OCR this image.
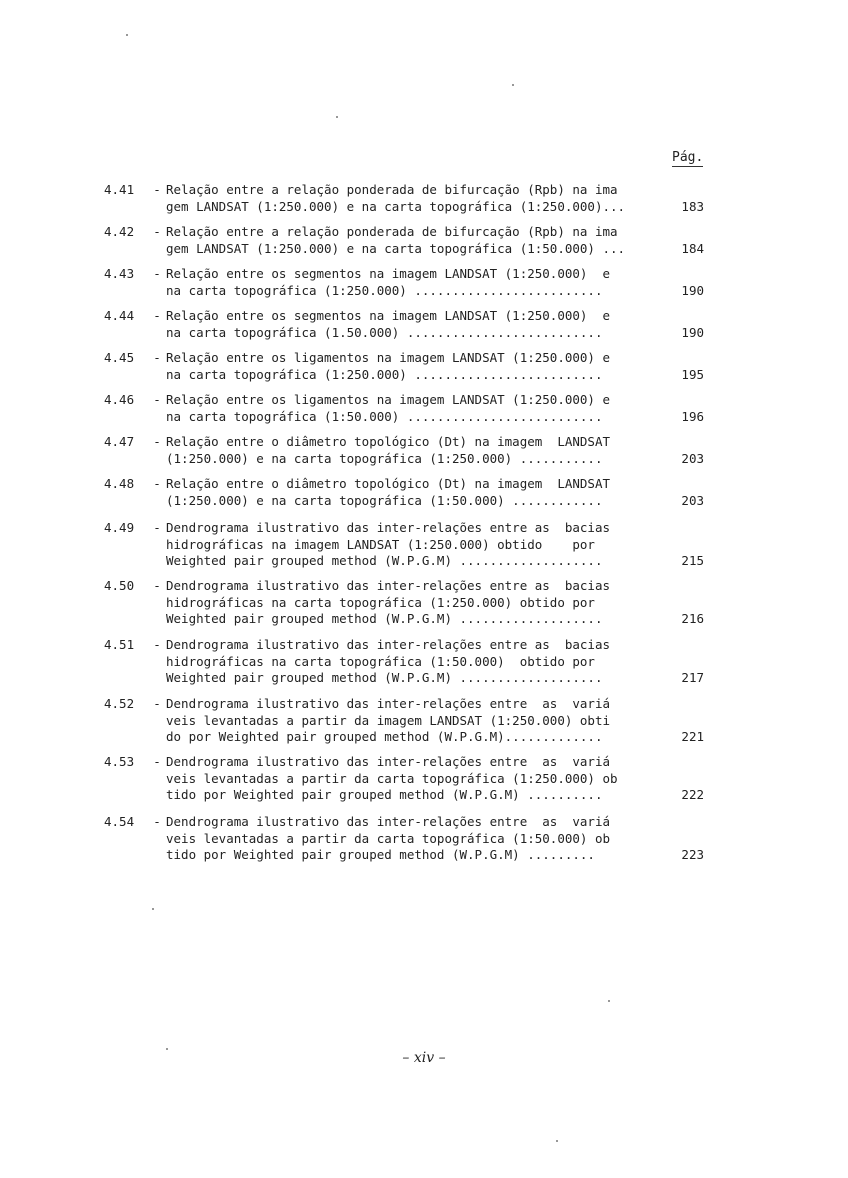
Pág.
4.41	- Relação entre a relação ponderada de bifurcação (Rpb) na ima
gem LANDSAT (1:250.000) e na carta topográfica (1:250.000)...	183
4.42	- Relação entre a relação ponderada de bifurcação (Rpb) na ima
gem LANDSAT (1:250.000) e na carta topográfica (1:50.000) ...	184
4.43	- Relação entre os segmentos na imagem LANDSAT (1:250.000)  e
na carta topográfica (1:250.000) .........................	190
4.44	- Relação entre os segmentos na imagem LANDSAT (1:250.000)  e
na carta topográfica (1.50.000) ..........................	190
4.45	- Relação entre os ligamentos na imagem LANDSAT (1:250.000) e
na carta topográfica (1:250.000) .........................	195
4.46	- Relação entre os ligamentos na imagem LANDSAT (1:250.000) e
na carta topográfica (1:50.000) ..........................	196
4.47	- Relação entre o diâmetro topológico (Dt) na imagem  LANDSAT
(1:250.000) e na carta topográfica (1:250.000) ...........	203
4.48	- Relação entre o diâmetro topológico (Dt) na imagem  LANDSAT
(1:250.000) e na carta topográfica (1:50.000) ............	203
4.49	- Dendrograma ilustrativo das inter-relações entre as  bacias
hidrográficas na imagem LANDSAT (1:250.000) obtido    por
Weighted pair grouped method (W.P.G.M) ...................	215
4.50	- Dendrograma ilustrativo das inter-relações entre as  bacias
hidrográficas na carta topográfica (1:250.000) obtido por
Weighted pair grouped method (W.P.G.M) ...................	216
4.51	- Dendrograma ilustrativo das inter-relações entre as  bacias
hidrográficas na carta topográfica (1:50.000)  obtido por
Weighted pair grouped method (W.P.G.M) ...................	217
4.52	- Dendrograma ilustrativo das inter-relações entre  as  variá
veis levantadas a partir da imagem LANDSAT (1:250.000) obti
do por Weighted pair grouped method (W.P.G.M).............	221
4.53	- Dendrograma ilustrativo das inter-relações entre  as  variá
veis levantadas a partir da carta topográfica (1:250.000) ob
tido por Weighted pair grouped method (W.P.G.M) ..........	222
4.54	- Dendrograma ilustrativo das inter-relações entre  as  variá
veis levantadas a partir da carta topográfica (1:50.000) ob
tido por Weighted pair grouped method (W.P.G.M) .........	223
– xiv –
